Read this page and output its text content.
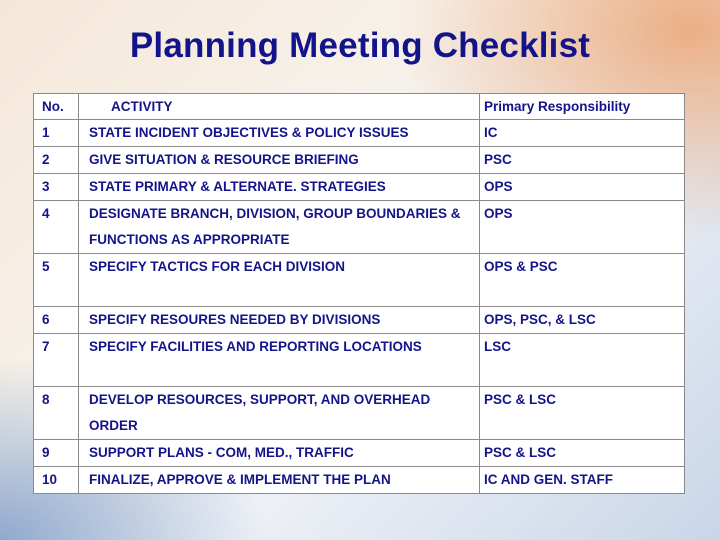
Planning Meeting Checklist
No.	ACTIVITY	Primary Responsibility
1	STATE INCIDENT OBJECTIVES & POLICY ISSUES	IC
2	GIVE SITUATION & RESOURCE BRIEFING	PSC
3	STATE PRIMARY & ALTERNATE. STRATEGIES	OPS
4	DESIGNATE BRANCH, DIVISION, GROUP BOUNDARIES & FUNCTIONS AS APPROPRIATE	OPS
5	SPECIFY TACTICS FOR EACH DIVISION	OPS & PSC
6	SPECIFY RESOURES NEEDED BY DIVISIONS	OPS, PSC, & LSC
7	SPECIFY FACILITIES AND REPORTING LOCATIONS	LSC
8	DEVELOP RESOURCES, SUPPORT, AND OVERHEAD ORDER	PSC & LSC
9	SUPPORT PLANS - COM, MED., TRAFFIC	PSC & LSC
10	FINALIZE, APPROVE & IMPLEMENT THE PLAN	IC AND GEN. STAFF
